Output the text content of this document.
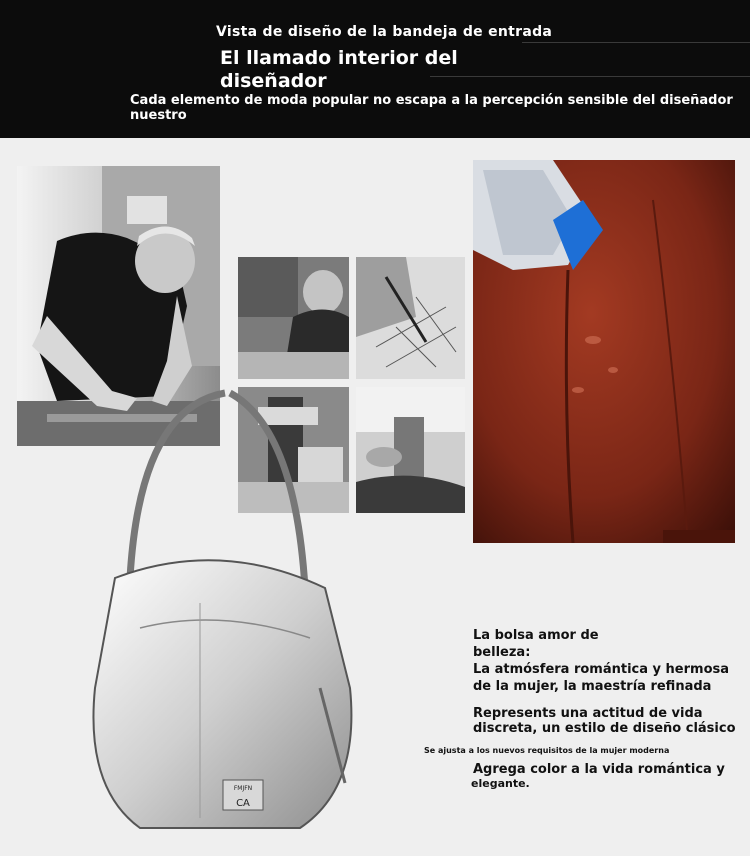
Vista de diseño de la bandeja de entrada
El llamado interior del
diseñador
Cada elemento de moda popular no escapa a la percepción sensible del diseñador
nuestro
FMJFN
CA
La bolsa amor de
belleza:
La atmósfera romántica y hermosa
de la mujer, la maestría refinada
Represents una actitud de vida
discreta, un estilo de diseño clásico
Se ajusta a los nuevos requisitos de la mujer moderna
Agrega color a la vida romántica y
elegante.
